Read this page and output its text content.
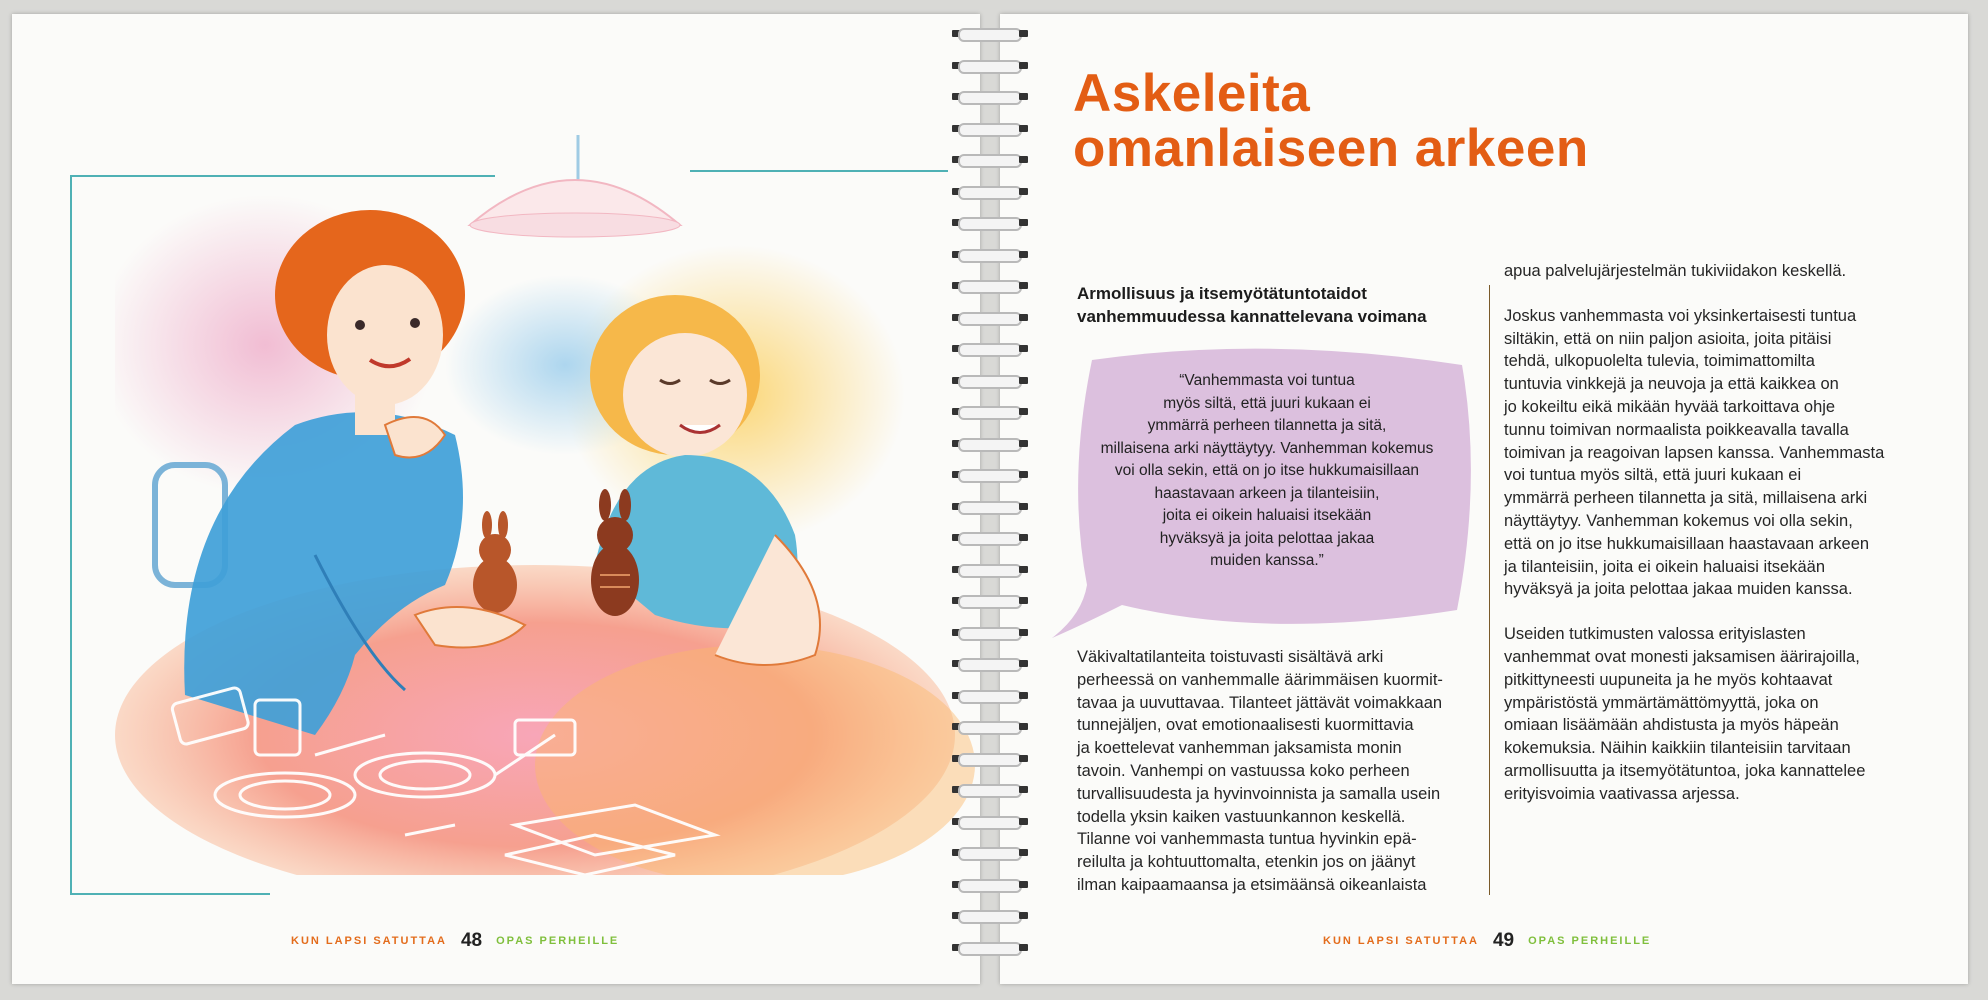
KUN LAPSI SATUTTAA 48 OPAS PERHEILLE
Askeleita
omanlaiseen arkeen
Armollisuus ja itsemyötätuntotaidot
vanhemmuudessa kannattelevana voimana
“Vanhemmasta voi tuntua
myös siltä, että juuri kukaan ei
ymmärrä perheen tilannetta ja sitä,
millaisena arki näyttäytyy. Vanhemman kokemus
voi olla sekin, että on jo itse hukkumaisillaan
haastavaan arkeen ja tilanteisiin,
joita ei oikein haluaisi itsekään
hyväksyä ja joita pelottaa jakaa
muiden kanssa.”
Väkivaltatilanteita toistuvasti sisältävä arki
perheessä on vanhemmalle äärimmäisen kuormit-
tavaa ja uuvuttavaa. Tilanteet jättävät voimakkaan
tunnejäljen, ovat emotionaalisesti kuormittavia
ja koettelevat vanhemman jaksamista monin
tavoin. Vanhempi on vastuussa koko perheen
turvallisuudesta ja hyvinvoinnista ja samalla usein
todella yksin kaiken vastuunkannon keskellä.
Tilanne voi vanhemmasta tuntua hyvinkin epä-
reilulta ja kohtuuttomalta, etenkin jos on jäänyt
ilman kaipaamaansa ja etsimäänsä oikeanlaista

apua palvelujärjestelmän tukiviidakon keskellä.

Joskus vanhemmasta voi yksinkertaisesti tuntua
siltäkin, että on niin paljon asioita, joita pitäisi
tehdä, ulkopuolelta tulevia, toimimattomilta
tuntuvia vinkkejä ja neuvoja ja että kaikkea on
jo kokeiltu eikä mikään hyvää tarkoittava ohje
tunnu toimivan normaalista poikkeavalla tavalla
toimivan ja reagoivan lapsen kanssa. Vanhemmasta
voi tuntua myös siltä, että juuri kukaan ei
ymmärrä perheen tilannetta ja sitä, millaisena arki
näyttäytyy. Vanhemman kokemus voi olla sekin,
että on jo itse hukkumaisillaan haastavaan arkeen
ja tilanteisiin, joita ei oikein haluaisi itsekään
hyväksyä ja joita pelottaa jakaa muiden kanssa.

Useiden tutkimusten valossa erityislasten
vanhemmat ovat monesti jaksamisen äärirajoilla,
pitkittyneesti uupuneita ja he myös kohtaavat
ympäristöstä ymmärtämättömyyttä, joka on
omiaan lisäämään ahdistusta ja myös häpeän
kokemuksia. Näihin kaikkiin tilanteisiin tarvitaan
armollisuutta ja itsemyötätuntoa, joka kannattelee
erityisvoimia vaativassa arjessa.

KUN LAPSI SATUTTAA 49 OPAS PERHEILLE
